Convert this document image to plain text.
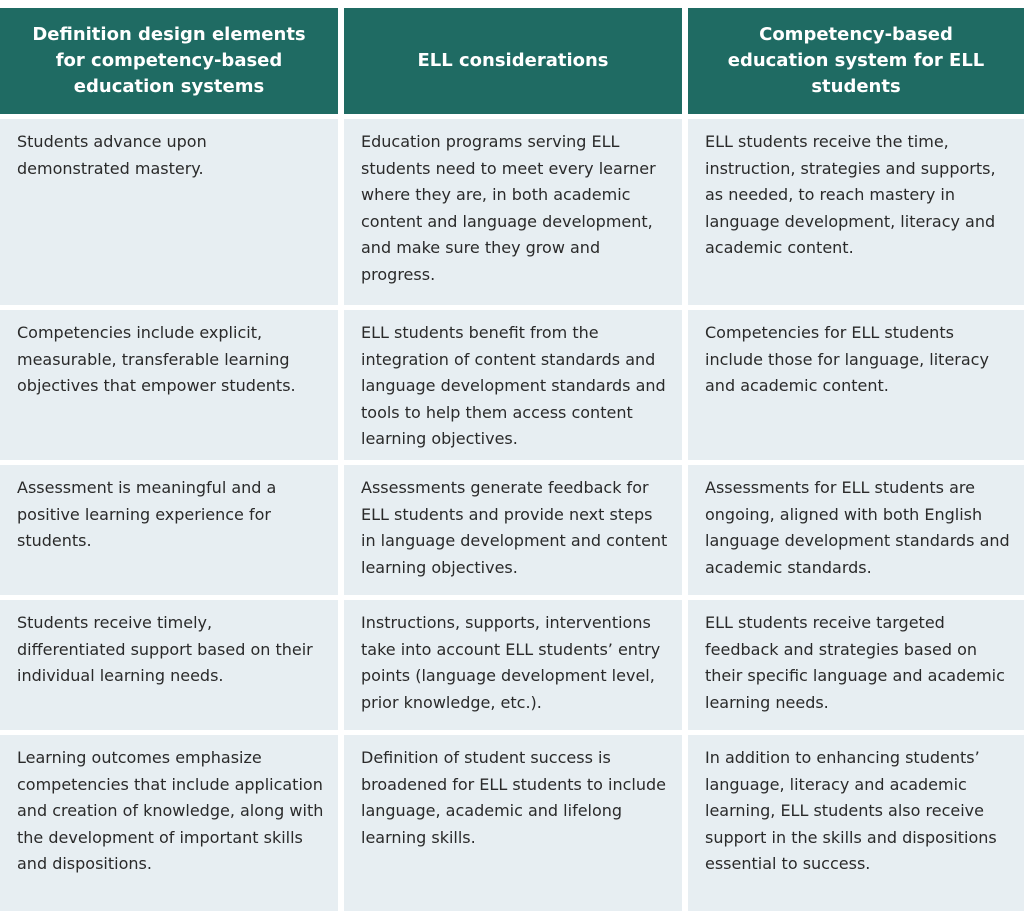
Definition design elements for competency-based education systems
ELL considerations
Competency-based education system for ELL students
Students advance upon demonstrated mastery.
Education programs serving ELL students need to meet every learner where they are, in both academic content and language development, and make sure they grow and progress.
ELL students receive the time, instruction, strategies and supports, as needed, to reach mastery in language development, literacy and academic content.
Competencies include explicit, measurable, transferable learning objectives that empower students.
ELL students benefit from the integration of content standards and language development standards and tools to help them access content learning objectives.
Competencies for ELL students include those for language, literacy and academic content.
Assessment is meaningful and a positive learning experience for students.
Assessments generate feedback for ELL students and provide next steps in language development and content learning objectives.
Assessments for ELL students are ongoing, aligned with both English language development standards and academic standards.
Students receive timely, differentiated support based on their individual learning needs.
Instructions, supports, interventions take into account ELL students’ entry points (language development level, prior knowledge, etc.).
ELL students receive targeted feedback and strategies based on their specific language and academic learning needs.
Learning outcomes emphasize competencies that include application and creation of knowledge, along with the development of important skills and dispositions.
Definition of student success is broadened for ELL students to include language, academic and lifelong learning skills.
In addition to enhancing students’ language, literacy and academic learning, ELL students also receive support in the skills and dispositions essential to success.
